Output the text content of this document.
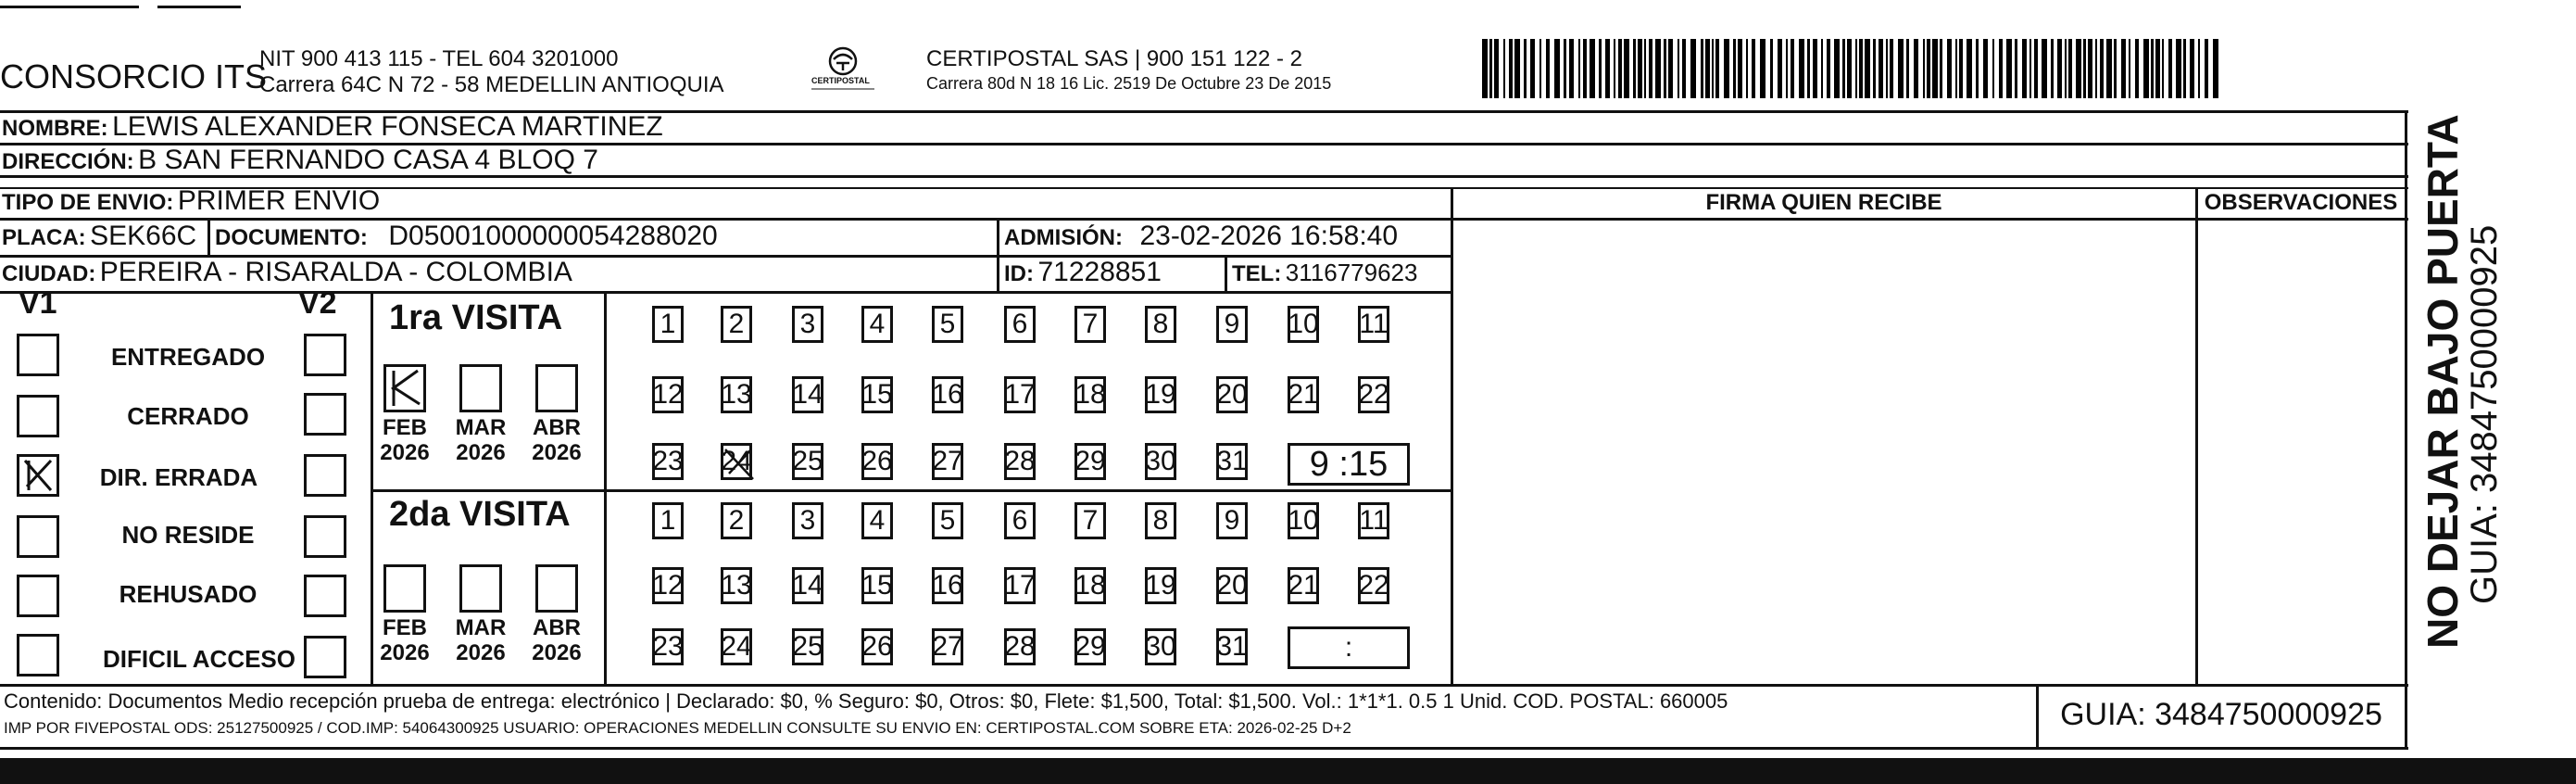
CONSORCIO ITS
NIT 900 413 115 - TEL 604 3201000
Carrera 64C N 72 - 58 MEDELLIN ANTIOQUIA	CERTIPOSTAL
CERTIPOSTAL SAS | 900 151 122 - 2
Carrera 80d N 18 16 Lic. 2519 De Octubre 23 De 2015
NOMBRE: LEWIS ALEXANDER FONSECA MARTINEZ
DIRECCIÓN: B SAN FERNANDO CASA 4 BLOQ 7
TIPO DE ENVIO: PRIMER ENVIO
PLACA: SEK66C DOCUMENTO: D05001000000054288020	ADMISIÓN: 23-02-2026 16:58:40
CIUDAD: PEREIRA - RISARALDA - COLOMBIA	ID: 71228851	TEL: 3116779623
FIRMA QUIEN RECIBE	OBSERVACIONES NO DEJAR BAJO PUERTA
GUIA: 3484750000925
V1	V2
ENTREGADO
CERRADO
DIR. ERRADA
NO RESIDE
REHUSADO
DIFICIL ACCESO
1ra VISITA
FEB
2026
MAR
2026
ABR
2026
1 2 3 4 5 6 7 8 9 10 11
12 13 14 15 16 17 18 19 20 21 22
23 24 25 26 27 28 29 30 31	9 :15
2da VISITA
FEB
2026
MAR
2026
ABR
2026
1 2 3 4 5 6 7 8 9 10 11
12 13 14 15 16 17 18 19 20 21 22
23 24 25 26 27 28 29 30 31	:
Contenido: Documentos Medio recepción prueba de entrega: electrónico | Declarado: $0, % Seguro: $0, Otros: $0, Flete: $1,500, Total: $1,500. Vol.: 1*1*1. 0.5 1 Unid. COD. POSTAL: 660005
IMP POR FIVEPOSTAL ODS: 25127500925 / COD.IMP: 54064300925 USUARIO: OPERACIONES MEDELLIN CONSULTE SU ENVIO EN: CERTIPOSTAL.COM SOBRE ETA: 2026-02-25 D+2	GUIA: 3484750000925
